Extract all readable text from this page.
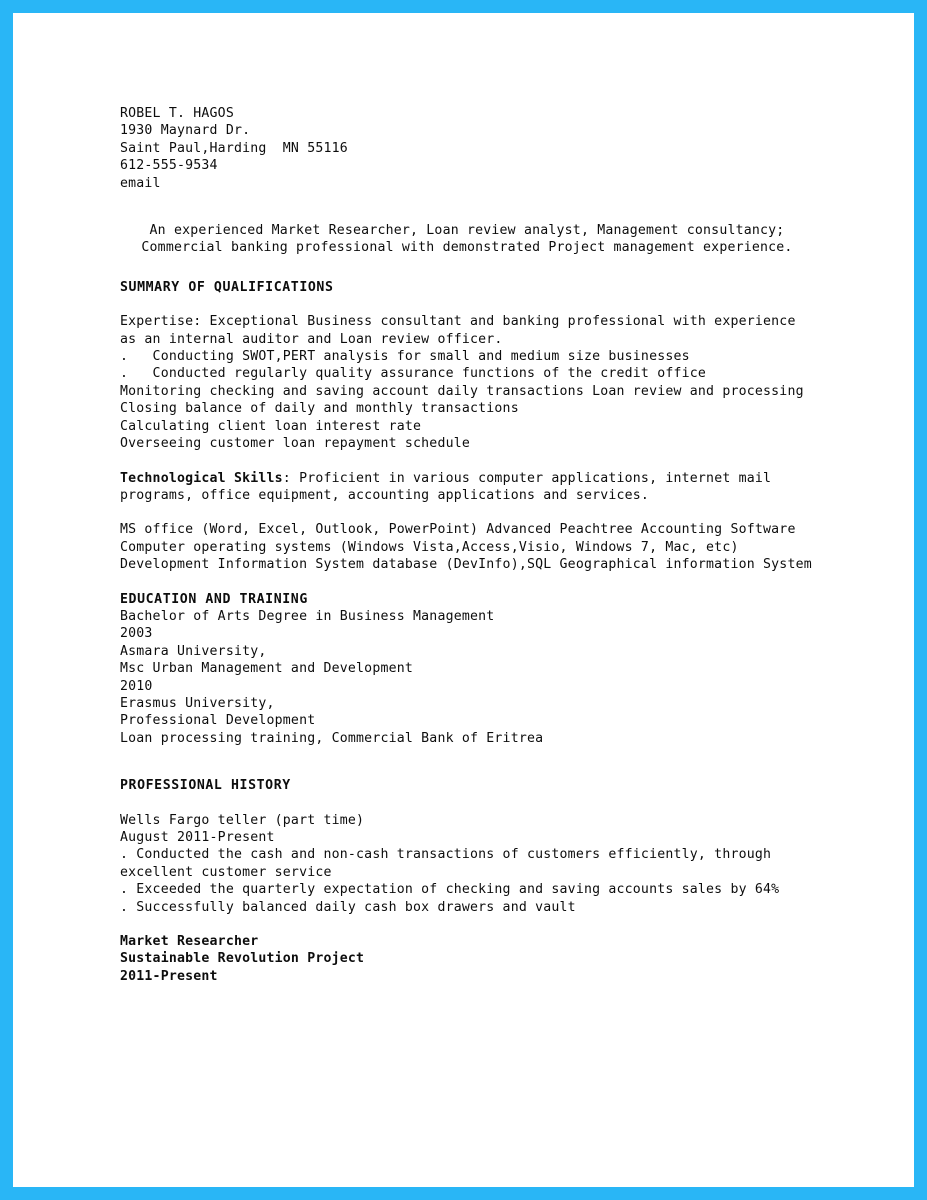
ROBEL T. HAGOS
1930 Maynard Dr.
Saint Paul,Harding  MN 55116
612-555-9534
email
An experienced Market Researcher, Loan review analyst, Management consultancy; Commercial banking professional with demonstrated Project management experience.
SUMMARY OF QUALIFICATIONS
Expertise: Exceptional Business consultant and banking professional with experience as an internal auditor and Loan review officer.
.   Conducting SWOT,PERT analysis for small and medium size businesses
.   Conducted regularly quality assurance functions of the credit office
Monitoring checking and saving account daily transactions Loan review and processing
Closing balance of daily and monthly transactions
Calculating client loan interest rate
Overseeing customer loan repayment schedule
Technological Skills: Proficient in various computer applications, internet mail programs, office equipment, accounting applications and services.
MS office (Word, Excel, Outlook, PowerPoint) Advanced Peachtree Accounting Software Computer operating systems (Windows Vista,Access,Visio, Windows 7, Mac, etc) Development Information System database (DevInfo),SQL Geographical information System
EDUCATION AND TRAINING
Bachelor of Arts Degree in Business Management
2003
Asmara University,
Msc Urban Management and Development
2010
Erasmus University,
Professional Development
Loan processing training, Commercial Bank of Eritrea
PROFESSIONAL HISTORY
Wells Fargo teller (part time)
August 2011-Present
. Conducted the cash and non-cash transactions of customers efficiently, through excellent customer service
. Exceeded the quarterly expectation of checking and saving accounts sales by 64%
. Successfully balanced daily cash box drawers and vault
Market Researcher
Sustainable Revolution Project
2011-Present
